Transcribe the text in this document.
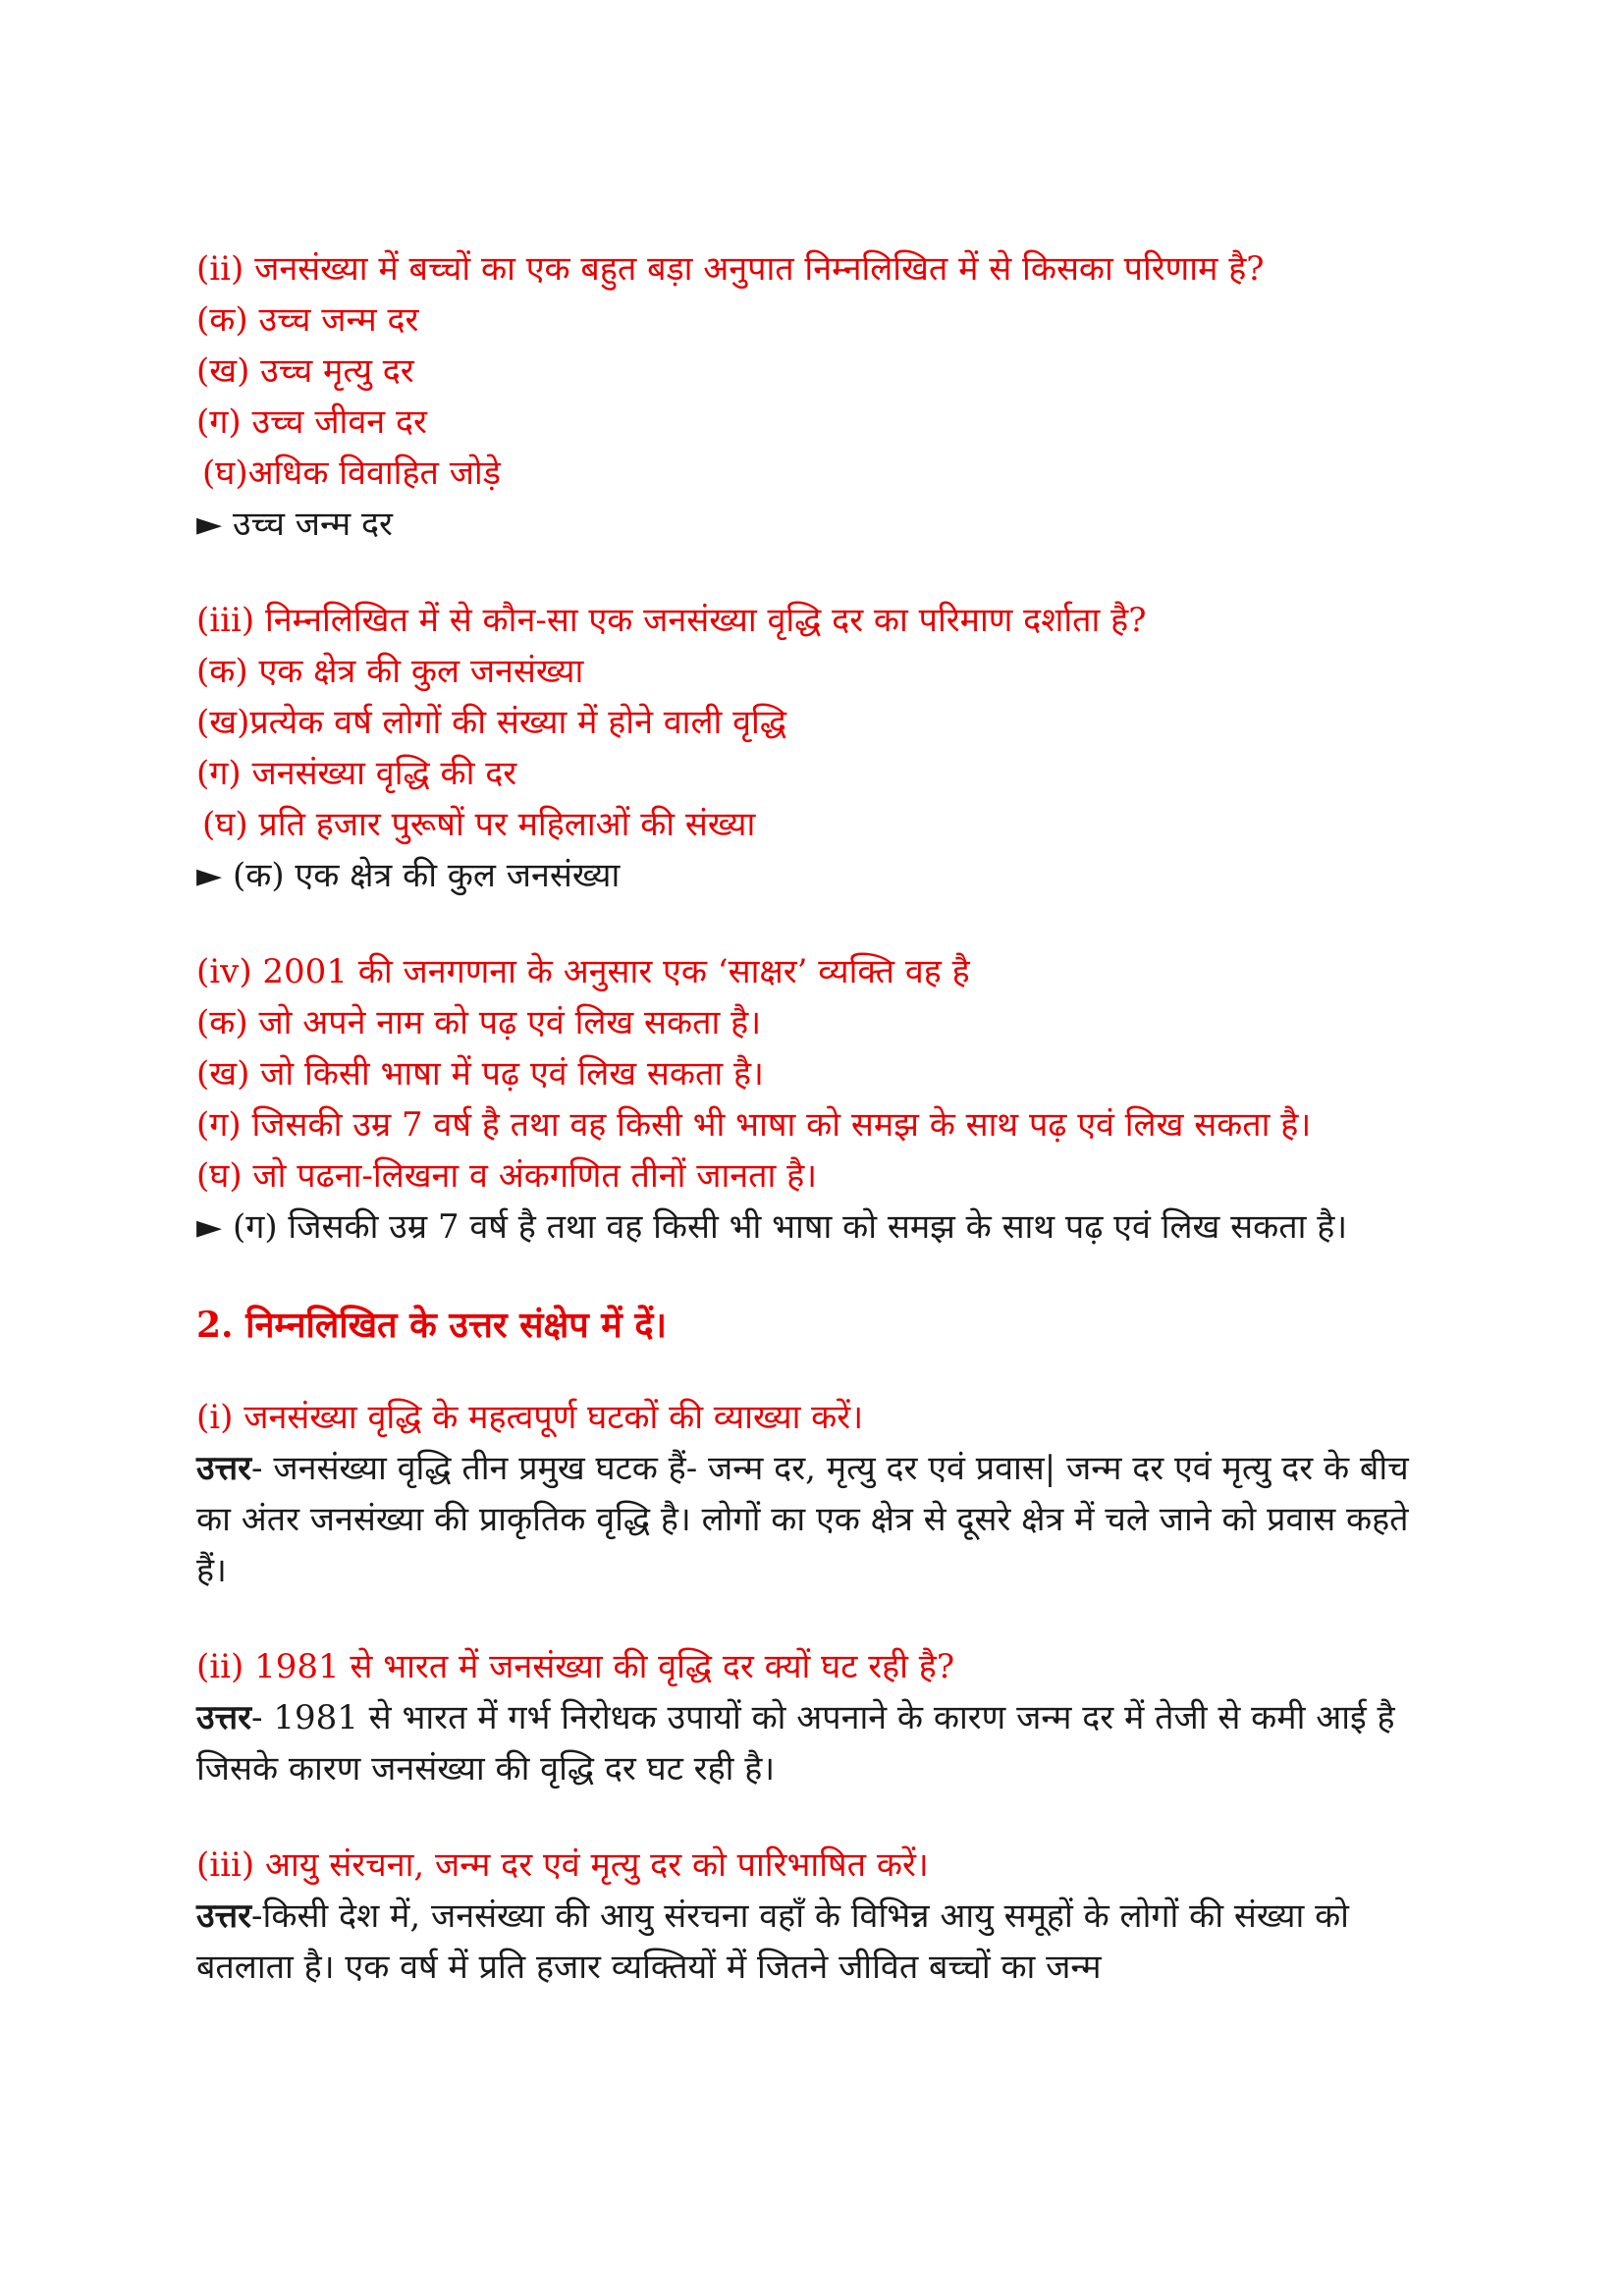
(ii) जनसंख्या में बच्चों का एक बहुत बड़ा अनुपात निम्नलिखित में से किसका परिणाम है?

(क) उच्च जन्म दर

(ख) उच्च मृत्यु दर

(ग) उच्च जीवन दर

(घ)अधिक विवाहित जोड़े

► उच्च जन्म दर

(iii) निम्नलिखित में से कौन-सा एक जनसंख्या वृद्धि दर का परिमाण दर्शाता है?

(क) एक क्षेत्र की कुल जनसंख्या

(ख)प्रत्येक वर्ष लोगों की संख्या में होने वाली वृद्धि

(ग) जनसंख्या वृद्धि की दर

(घ) प्रति हजार पुरूषों पर महिलाओं की संख्या

► (क) एक क्षेत्र की कुल जनसंख्या

(iv) 2001 की जनगणना के अनुसार एक ‘साक्षर’ व्यक्ति वह है

(क) जो अपने नाम को पढ़ एवं लिख सकता है।

(ख) जो किसी भाषा में पढ़ एवं लिख सकता है।

(ग) जिसकी उम्र 7 वर्ष है तथा वह किसी भी भाषा को समझ के साथ पढ़ एवं लिख सकता है।

(घ) जो पढना-लिखना व अंकगणित तीनों जानता है।

► (ग) जिसकी उम्र 7 वर्ष है तथा वह किसी भी भाषा को समझ के साथ पढ़ एवं लिख सकता है।

2. निम्नलिखित के उत्तर संक्षेप में दें।

(i) जनसंख्या वृद्धि के महत्वपूर्ण घटकों की व्याख्या करें।

उत्तर- जनसंख्या वृद्धि तीन प्रमुख घटक हैं- जन्म दर, मृत्यु दर एवं प्रवास| जन्म दर एवं मृत्यु दर के बीच का अंतर जनसंख्या की प्राकृतिक वृद्धि है। लोगों का एक क्षेत्र से दूसरे क्षेत्र में चले जाने को प्रवास कहते हैं।

(ii) 1981 से भारत में जनसंख्या की वृद्धि दर क्यों घट रही है?

उत्तर- 1981 से भारत में गर्भ निरोधक उपायों को अपनाने के कारण जन्म दर में तेजी से कमी आई है जिसके कारण जनसंख्या की वृद्धि दर घट रही है।

(iii) आयु संरचना, जन्म दर एवं मृत्यु दर को पारिभाषित करें।

उत्तर-किसी देश में, जनसंख्या की आयु संरचना वहाँ के विभिन्न आयु समूहों के लोगों की संख्या को बतलाता है। एक वर्ष में प्रति हजार व्यक्तियों में जितने जीवित बच्चों का जन्म
